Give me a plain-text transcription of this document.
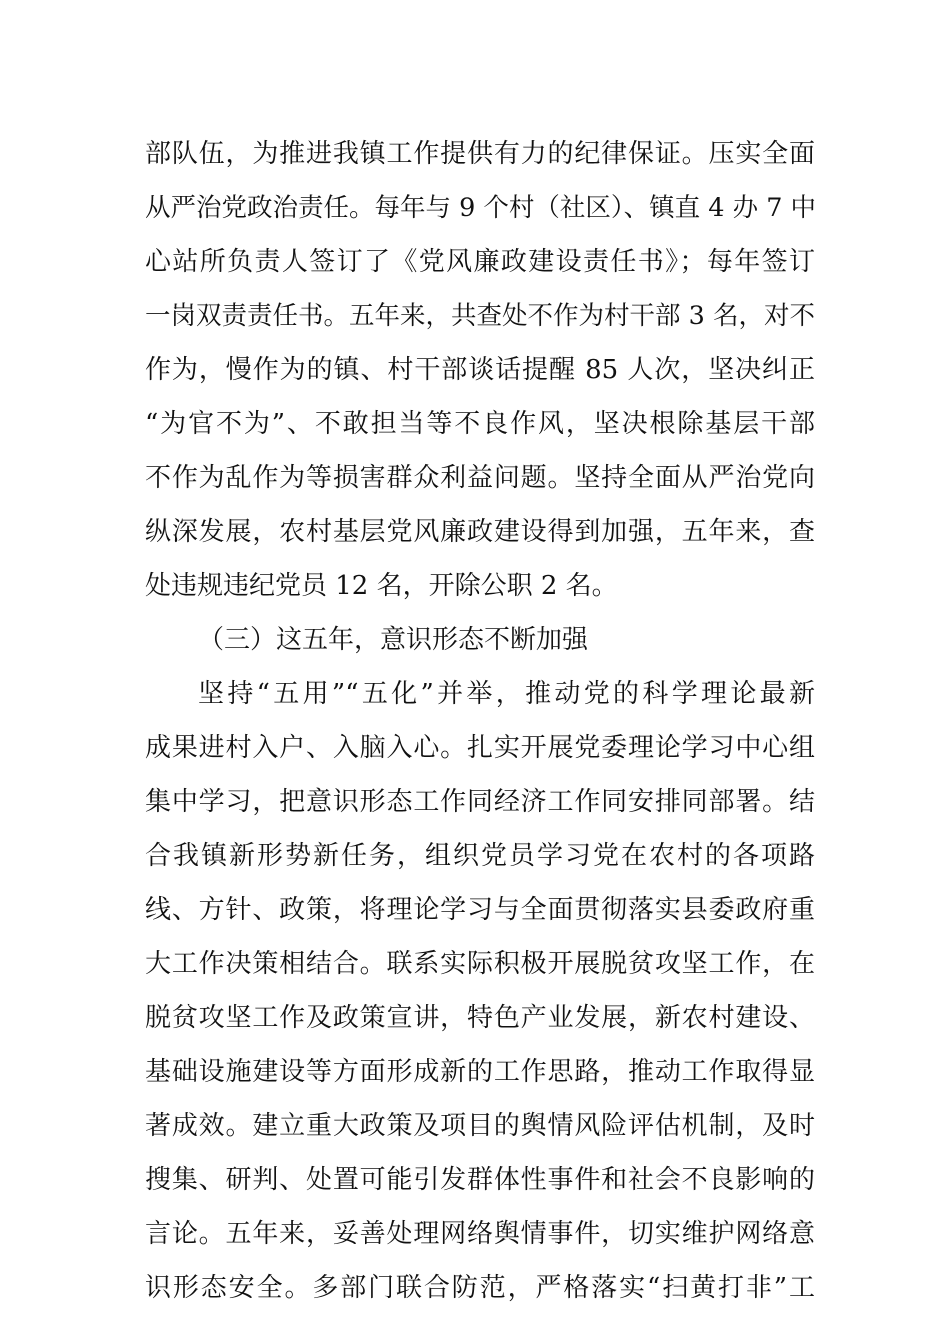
部队伍，为推进我镇工作提供有力的纪律保证。压实全面
从严治党政治责任。每年与 9 个村（社区）、镇直 4 办 7 中
心站所负责人签订了《党风廉政建设责任书》；每年签订
一岗双责责任书。五年来，共查处不作为村干部 3 名，对不
作为，慢作为的镇、村干部谈话提醒 85 人次，坚决纠正
“为官不为”、不敢担当等不良作风，坚决根除基层干部
不作为乱作为等损害群众利益问题。坚持全面从严治党向
纵深发展，农村基层党风廉政建设得到加强，五年来，查
处违规违纪党员 12 名，开除公职 2 名。
（三）这五年，意识形态不断加强
坚持“五用”“五化”并举，推动党的科学理论最新
成果进村入户、入脑入心。扎实开展党委理论学习中心组
集中学习，把意识形态工作同经济工作同安排同部署。结
合我镇新形势新任务，组织党员学习党在农村的各项路
线、方针、政策，将理论学习与全面贯彻落实县委政府重
大工作决策相结合。联系实际积极开展脱贫攻坚工作，在
脱贫攻坚工作及政策宣讲，特色产业发展，新农村建设、
基础设施建设等方面形成新的工作思路，推动工作取得显
著成效。建立重大政策及项目的舆情风险评估机制，及时
搜集、研判、处置可能引发群体性事件和社会不良影响的
言论。五年来，妥善处理网络舆情事件，切实维护网络意
识形态安全。多部门联合防范，严格落实“扫黄打非”工
